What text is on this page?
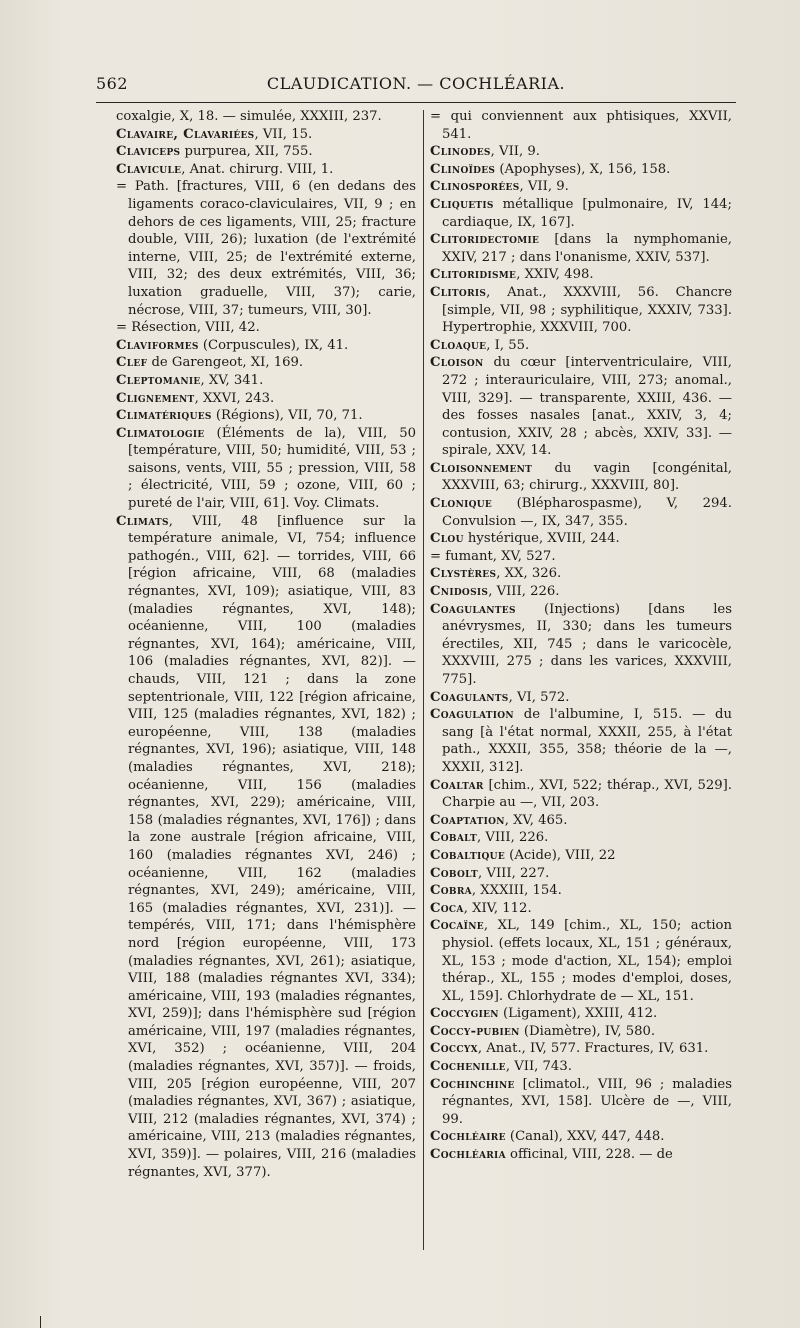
562	CLAUDICATION. — COCHLÉARIA.

coxalgie, X, 18. — simulée, XXXIII, 237.

Clavaire, Clavariées, VII, 15.

Claviceps purpurea, XII, 755.

Clavicule, Anat. chirurg. VIII, 1.

= Path. [fractures, VIII, 6 (en dedans des ligaments coraco-claviculaires, VII, 9 ; en dehors de ces ligaments, VIII, 25; fracture double, VIII, 26); luxation (de l'extrémité interne, VIII, 25; de l'extrémité externe, VIII, 32; des deux extrémités, VIII, 36; luxation graduelle, VIII, 37); carie, nécrose, VIII, 37; tumeurs, VIII, 30].

= Résection, VIII, 42.

Claviformes (Corpuscules), IX, 41.

Clef de Garengeot, XI, 169.

Cleptomanie, XV, 341.

Clignement, XXVI, 243.

Climatériques (Régions), VII, 70, 71.

Climatologie (Éléments de la), VIII, 50 [température, VIII, 50; humidité, VIII, 53 ; saisons, vents, VIII, 55 ; pression, VIII, 58 ; électricité, VIII, 59 ; ozone, VIII, 60 ; pureté de l'air, VIII, 61]. Voy. Climats.

Climats, VIII, 48 [influence sur la température animale, VI, 754; influence pathogén., VIII, 62]. — torrides, VIII, 66 [région africaine, VIII, 68 (maladies régnantes, XVI, 109); asiatique, VIII, 83 (maladies régnantes, XVI, 148); océanienne, VIII, 100 (maladies régnantes, XVI, 164); américaine, VIII, 106 (maladies régnantes, XVI, 82)]. — chauds, VIII, 121 ; dans la zone septentrionale, VIII, 122 [région africaine, VIII, 125 (maladies régnantes, XVI, 182) ; européenne, VIII, 138 (maladies régnantes, XVI, 196); asiatique, VIII, 148 (maladies régnantes, XVI, 218); océanienne, VIII, 156 (maladies régnantes, XVI, 229); américaine, VIII, 158 (maladies régnantes, XVI, 176]) ; dans la zone australe [région africaine, VIII, 160 (maladies régnantes XVI, 246) ; océanienne, VIII, 162 (maladies régnantes, XVI, 249); américaine, VIII, 165 (maladies régnantes, XVI, 231)]. — tempérés, VIII, 171; dans l'hémisphère nord [région européenne, VIII, 173 (maladies régnantes, XVI, 261); asiatique, VIII, 188 (maladies régnantes XVI, 334); américaine, VIII, 193 (maladies régnantes, XVI, 259)]; dans l'hémisphère sud [région américaine, VIII, 197 (maladies régnantes, XVI, 352) ; océanienne, VIII, 204 (maladies régnantes, XVI, 357)]. — froids, VIII, 205 [région européenne, VIII, 207 (maladies régnantes, XVI, 367) ; asiatique, VIII, 212 (maladies régnantes, XVI, 374) ; américaine, VIII, 213 (maladies régnantes, XVI, 359)]. — polaires, VIII, 216 (maladies régnantes, XVI, 377).

= qui conviennent aux phtisiques, XXVII, 541.

Clinodes, VII, 9.

Clinoïdes (Apophyses), X, 156, 158.

Clinosporées, VII, 9.

Cliquetis métallique [pulmonaire, IV, 144; cardiaque, IX, 167].

Clitoridectomie [dans la nymphomanie, XXIV, 217 ; dans l'onanisme, XXIV, 537].

Clitoridisme, XXIV, 498.

Clitoris, Anat., XXXVIII, 56. Chancre [simple, VII, 98 ; syphilitique, XXXIV, 733]. Hypertrophie, XXXVIII, 700.

Cloaque, I, 55.

Cloison du cœur [interventriculaire, VIII, 272 ; interauriculaire, VIII, 273; anomal., VIII, 329]. — transparente, XXIII, 436. — des fosses nasales [anat., XXIV, 3, 4; contusion, XXIV, 28 ; abcès, XXIV, 33]. — spirale, XXV, 14.

Cloisonnement du vagin [congénital, XXXVIII, 63; chirurg., XXXVIII, 80].

Clonique (Blépharospasme), V, 294. Convulsion —, IX, 347, 355.

Clou hystérique, XVIII, 244.

= fumant, XV, 527.

Clystères, XX, 326.

Cnidosis, VIII, 226.

Coagulantes (Injections) [dans les anévrysmes, II, 330; dans les tumeurs érectiles, XII, 745 ; dans le varicocèle, XXXVIII, 275 ; dans les varices, XXXVIII, 775].

Coagulants, VI, 572.

Coagulation de l'albumine, I, 515. — du sang [à l'état normal, XXXII, 255, à l'état path., XXXII, 355, 358; théorie de la —, XXXII, 312].

Coaltar [chim., XVI, 522; thérap., XVI, 529]. Charpie au —, VII, 203.

Coaptation, XV, 465.

Cobalt, VIII, 226.

Cobaltique (Acide), VIII, 22

Cobolt, VIII, 227.

Cobra, XXXIII, 154.

Coca, XIV, 112.

Cocaïne, XL, 149 [chim., XL, 150; action physiol. (effets locaux, XL, 151 ; généraux, XL, 153 ; mode d'action, XL, 154); emploi thérap., XL, 155 ; modes d'emploi, doses, XL, 159]. Chlorhydrate de — XL, 151.

Coccygien (Ligament), XXIII, 412.

Coccy-pubien (Diamètre), IV, 580.

Coccyx, Anat., IV, 577. Fractures, IV, 631.

Cochenille, VII, 743.

Cochinchine [climatol., VIII, 96 ; maladies régnantes, XVI, 158]. Ulcère de —, VIII, 99.

Cochléaire (Canal), XXV, 447, 448.

Cochléaria officinal, VIII, 228. — de
